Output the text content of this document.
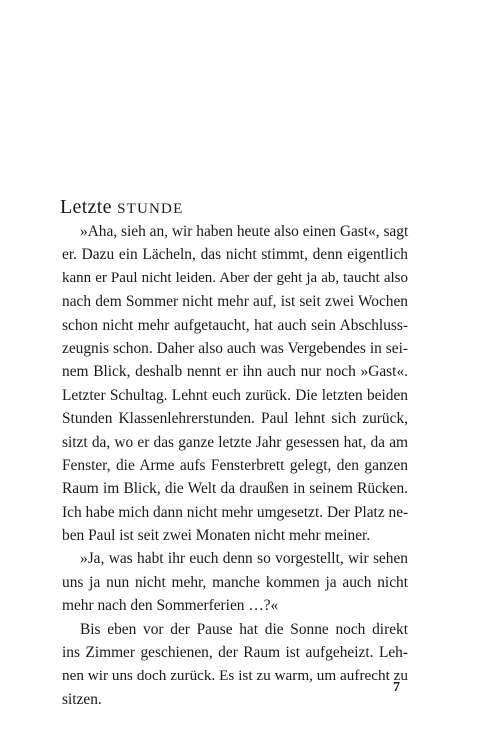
Letzte STUNDE
»Aha, sieh an, wir haben heute also einen Gast«, sagt
er. Dazu ein Lächeln, das nicht stimmt, denn eigentlich
kann er Paul nicht leiden. Aber der geht ja ab, taucht also
nach dem Sommer nicht mehr auf, ist seit zwei Wochen
schon nicht mehr aufgetaucht, hat auch sein Abschluss-
zeugnis schon. Daher also auch was Vergebendes in sei-
nem Blick, deshalb nennt er ihn auch nur noch »Gast«.
Letzter Schultag. Lehnt euch zurück. Die letzten beiden
Stunden Klassenlehrerstunden. Paul lehnt sich zurück,
sitzt da, wo er das ganze letzte Jahr gesessen hat, da am
Fenster, die Arme aufs Fensterbrett gelegt, den ganzen
Raum im Blick, die Welt da draußen in seinem Rücken.
Ich habe mich dann nicht mehr umgesetzt. Der Platz ne-
ben Paul ist seit zwei Monaten nicht mehr meiner.
»Ja, was habt ihr euch denn so vorgestellt, wir sehen
uns ja nun nicht mehr, manche kommen ja auch nicht
mehr nach den Sommerferien …?«
Bis eben vor der Pause hat die Sonne noch direkt
ins Zimmer geschienen, der Raum ist aufgeheizt. Leh-
nen wir uns doch zurück. Es ist zu warm, um aufrecht zu
sitzen.
7
